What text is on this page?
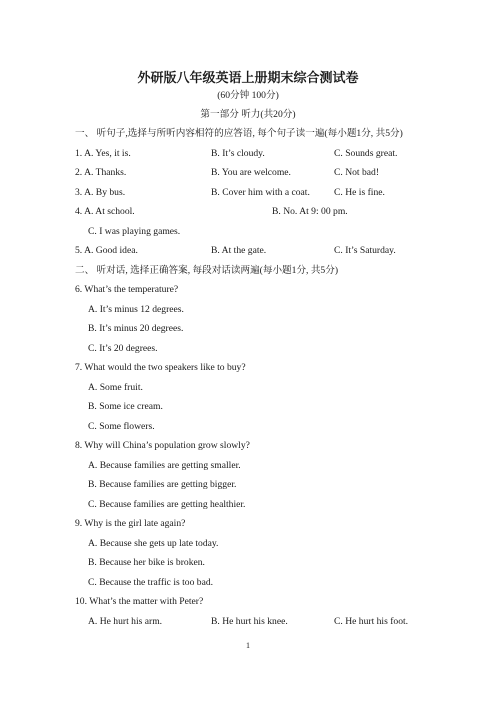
外研版八年级英语上册期末综合测试卷
(60分钟 100分)
第一部分 听力(共20分)
一、 听句子,选择与所听内容相符的应答语, 每个句子读一遍(每小题1分, 共5分)
1. A. Yes, it is.	B. It’s cloudy.	C. Sounds great.
2. A. Thanks.	B. You are welcome.	C. Not bad!
3. A. By bus.	B. Cover him with a coat.	C. He is fine.
4. A. At school.	B. No. At 9: 00 pm.
C. I was playing games.
5. A. Good idea.	B. At the gate.	C. It’s Saturday.
二、 听对话, 选择正确答案, 每段对话读两遍(每小题1分, 共5分)
6. What’s the temperature?
A. It’s minus 12 degrees.
B. It’s minus 20 degrees.
C. It’s 20 degrees.
7. What would the two speakers like to buy?
A. Some fruit.
B. Some ice cream.
C. Some flowers.
8. Why will China’s population grow slowly?
A. Because families are getting smaller.
B. Because families are getting bigger.
C. Because families are getting healthier.
9. Why is the girl late again?
A. Because she gets up late today.
B. Because her bike is broken.
C. Because the traffic is too bad.
10. What’s the matter with Peter?
A. He hurt his arm.	B. He hurt his knee.	C. He hurt his foot.
1
